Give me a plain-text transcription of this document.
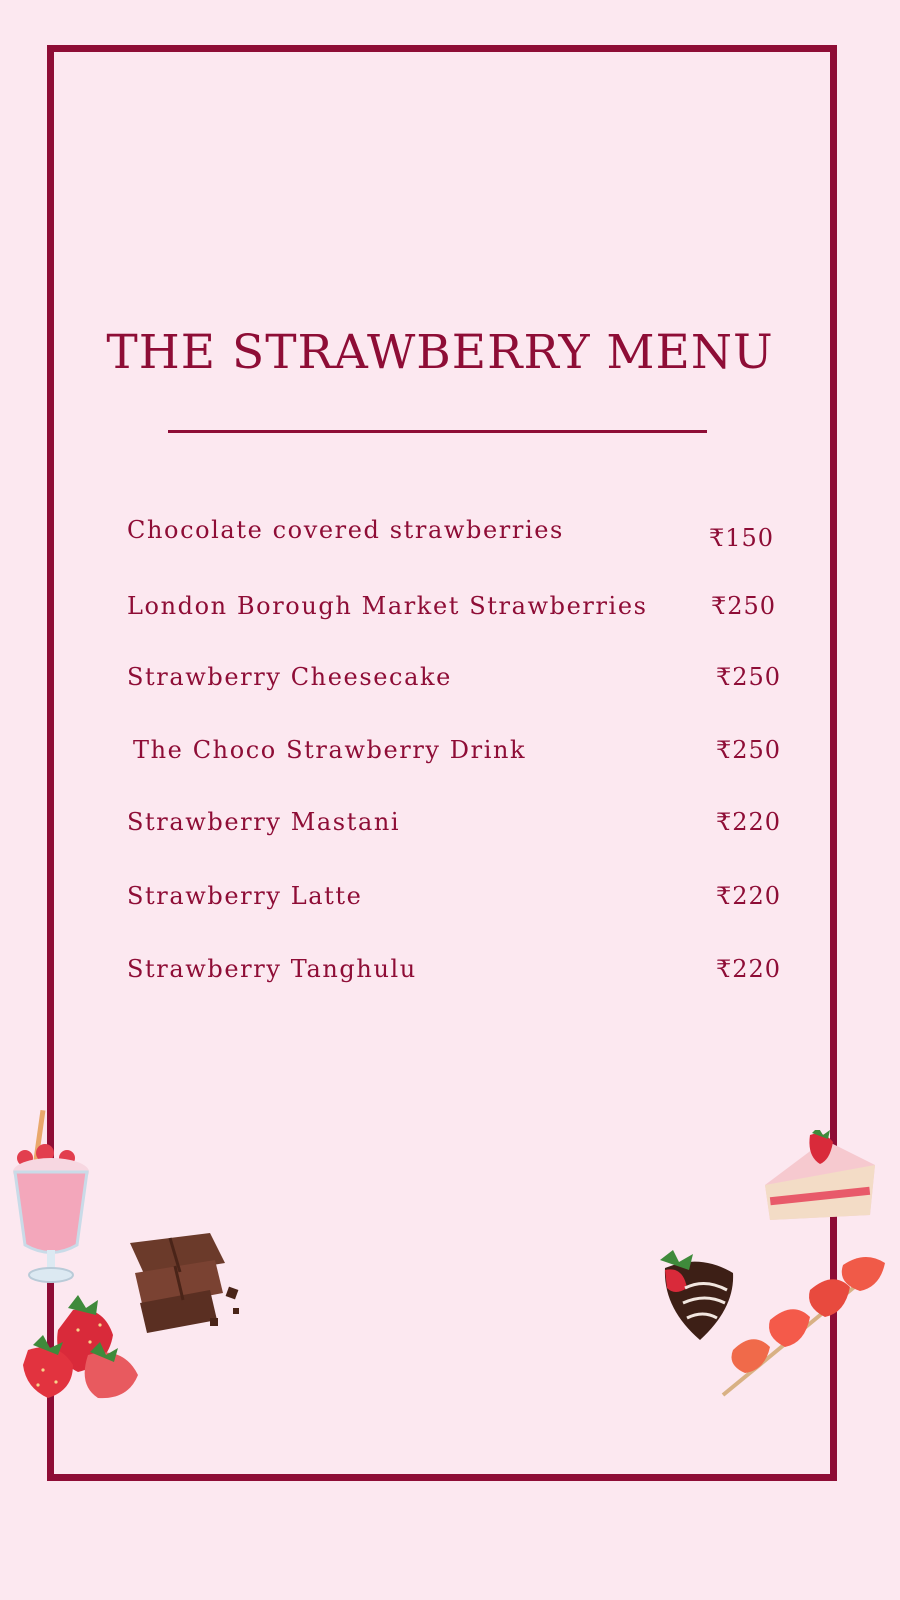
THE STRAWBERRY MENU
Chocolate covered strawberries	₹150
London Borough Market Strawberries	₹250
Strawberry Cheesecake	₹250
The Choco Strawberry Drink	₹250
Strawberry Mastani	₹220
Strawberry Latte	₹220
Strawberry Tanghulu	₹220
